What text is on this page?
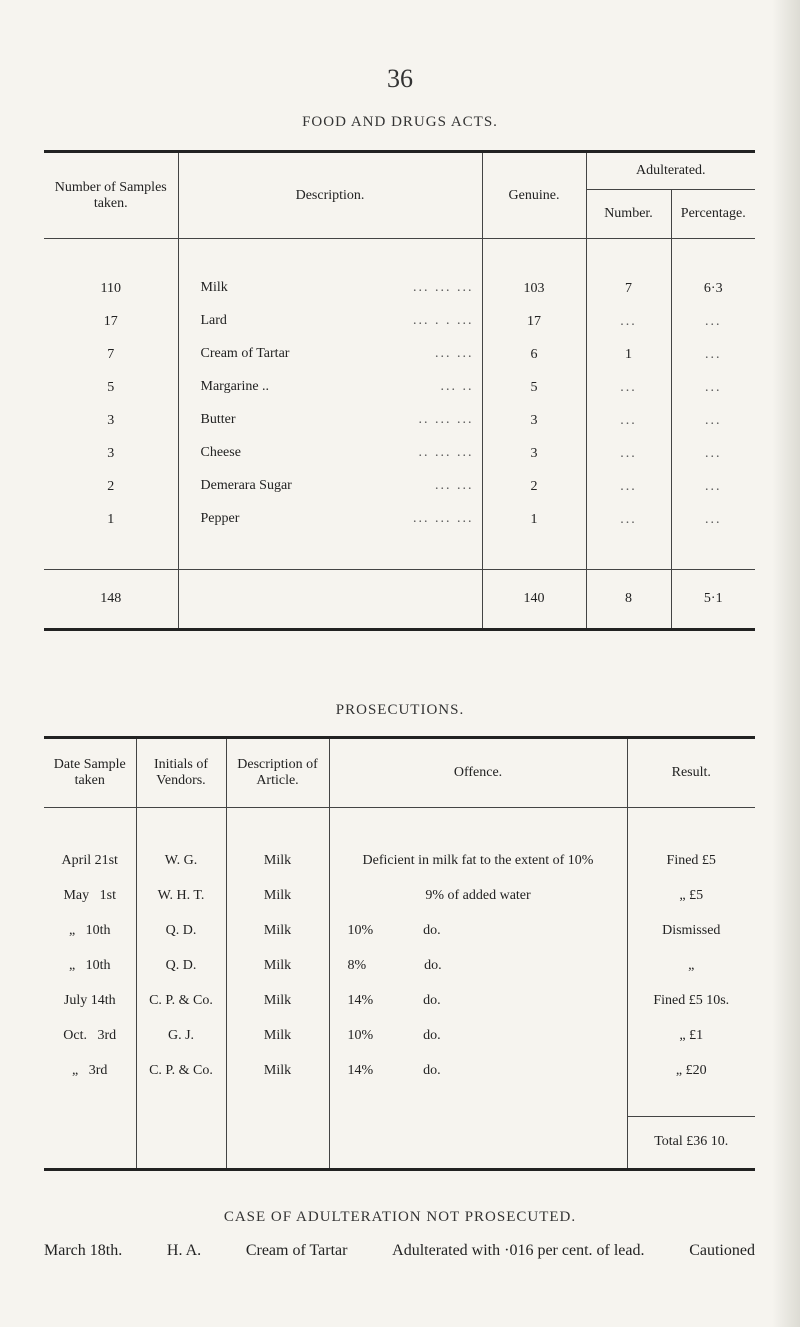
36
FOOD AND DRUGS ACTS.
Number of Samples taken.	Description.	Genuine.	Adulterated.	
			Number.	Percentage.

110	Milk ... ... ...	103	7	6·3
17	Lard ... . . ...	17	...	...
7	Cream of Tartar ... ...	6	1	...
5	Margarine .. ... ..	5	...	...
3	Butter .. ... ...	3	...	...
3	Cheese .. ... ...	3	...	...
2	Demerara Sugar ... ...	2	...	...
1	Pepper ... ... ...	1	...	...

148		140	8	5·1
PROSECUTIONS.
Date Sample taken	Initials of Vendors.	Description of Article.	Offence.	Result.

April 21st	W. G.	Milk	Deficient in milk fat to the extent of 10%	Fined £5
May 1st	W. H. T.	Milk	9% of added water	„ £5
„ 10th	Q. D.	Milk	10% do.	Dismissed
„ 10th	Q. D.	Milk	8% do.	„
July 14th	C. P. & Co.	Milk	14% do.	Fined £5 10s.
Oct. 3rd	G. J.	Milk	10% do.	„ £1
„ 3rd	C. P. & Co.	Milk	14% do.	„ £20

				Total £36 10.
CASE OF ADULTERATION NOT PROSECUTED.
March 18th.	H. A.	Cream of Tartar	Adulterated with ·016 per cent. of lead.	Cautioned
